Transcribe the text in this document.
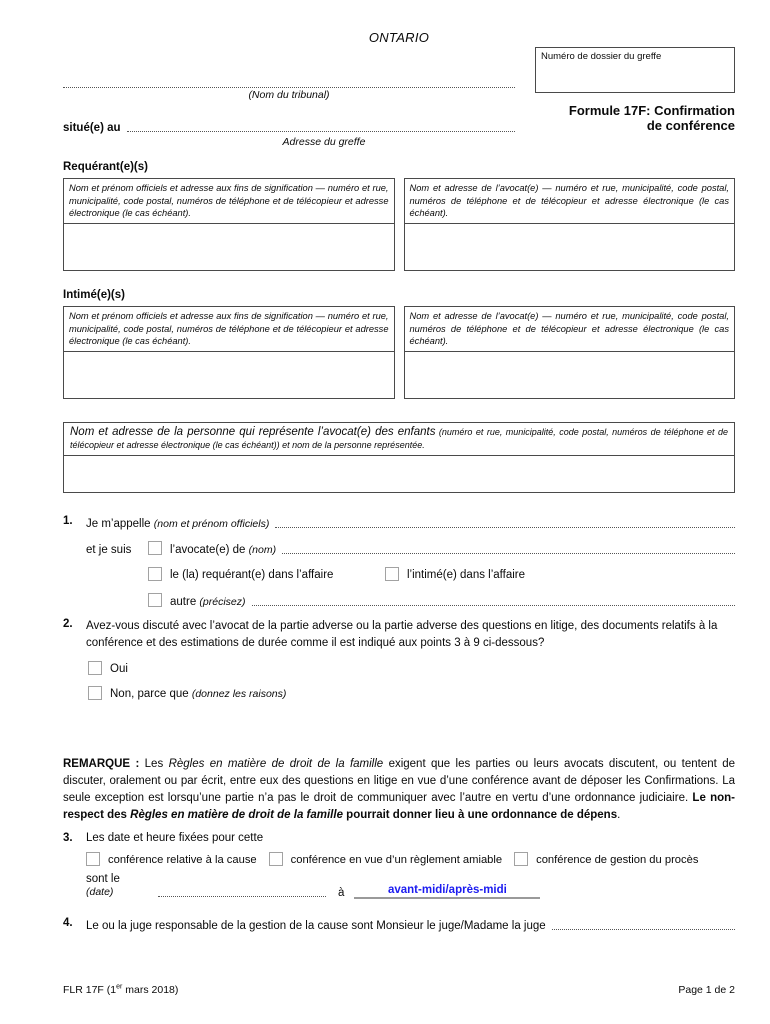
ONTARIO
Numéro de dossier du greffe
Formule 17F: Confirmation
de conférence
(Nom du tribunal)
situé(e) au
Adresse du greffe
Requérant(e)(s)
Nom et prénom officiels et adresse aux fins de signification — numéro et rue, municipalité, code postal, numéros de téléphone et de télécopieur et adresse électronique (le cas échéant).
Nom et adresse de l’avocat(e) — numéro et rue, municipalité, code postal, numéros de téléphone et de télécopieur et adresse électronique (le cas échéant).
Intimé(e)(s)
Nom et prénom officiels et adresse aux fins de signification — numéro et rue, municipalité, code postal, numéros de téléphone et de télécopieur et adresse électronique (le cas échéant).
Nom et adresse de l’avocat(e) — numéro et rue, municipalité, code postal, numéros de téléphone et de télécopieur et adresse électronique (le cas échéant).
Nom et adresse de la personne qui représente l’avocat(e) des enfants (numéro et rue, municipalité, code postal, numéros de téléphone et de télécopieur et adresse électronique (le cas échéant)) et nom de la personne représentée.
1.	Je m’appelle
(nom et prénom officiels)
et je suis	l’avocate(e) de
(nom)
le (la) requérant(e) dans l’affaire	l’intimé(e) dans l’affaire
autre
(précisez)
2.	Avez-vous discuté avec l’avocat de la partie adverse ou la partie adverse des questions en litige, des documents relatifs à la conférence et des estimations de durée comme il est indiqué aux points 3 à 9 ci-dessous?
Oui
Non, parce que
(donnez les raisons)

REMARQUE : Les Règles en matière de droit de la famille exigent que les parties ou leurs avocats discutent, ou tentent de discuter, oralement ou par écrit, entre eux des questions en litige en vue d’une conférence avant de déposer les Confirmations. La seule exception est lorsqu’une partie n’a pas le droit de communiquer avec l’autre en vertu d’une ordonnance judiciaire. Le non-respect des Règles en matière de droit de la famille pourrait donner lieu à une ordonnance de dépens.

3.	Les date et heure fixées pour cette
conférence relative à la cause	conférence en vue d’un règlement amiable	conférence de gestion du procès
sont le
(date)	à	avant-midi/après-midi
4.	Le ou la juge responsable de la gestion de la cause sont Monsieur le juge/Madame la juge
FLR 17F (1er mars 2018)	Page 1 de 2
